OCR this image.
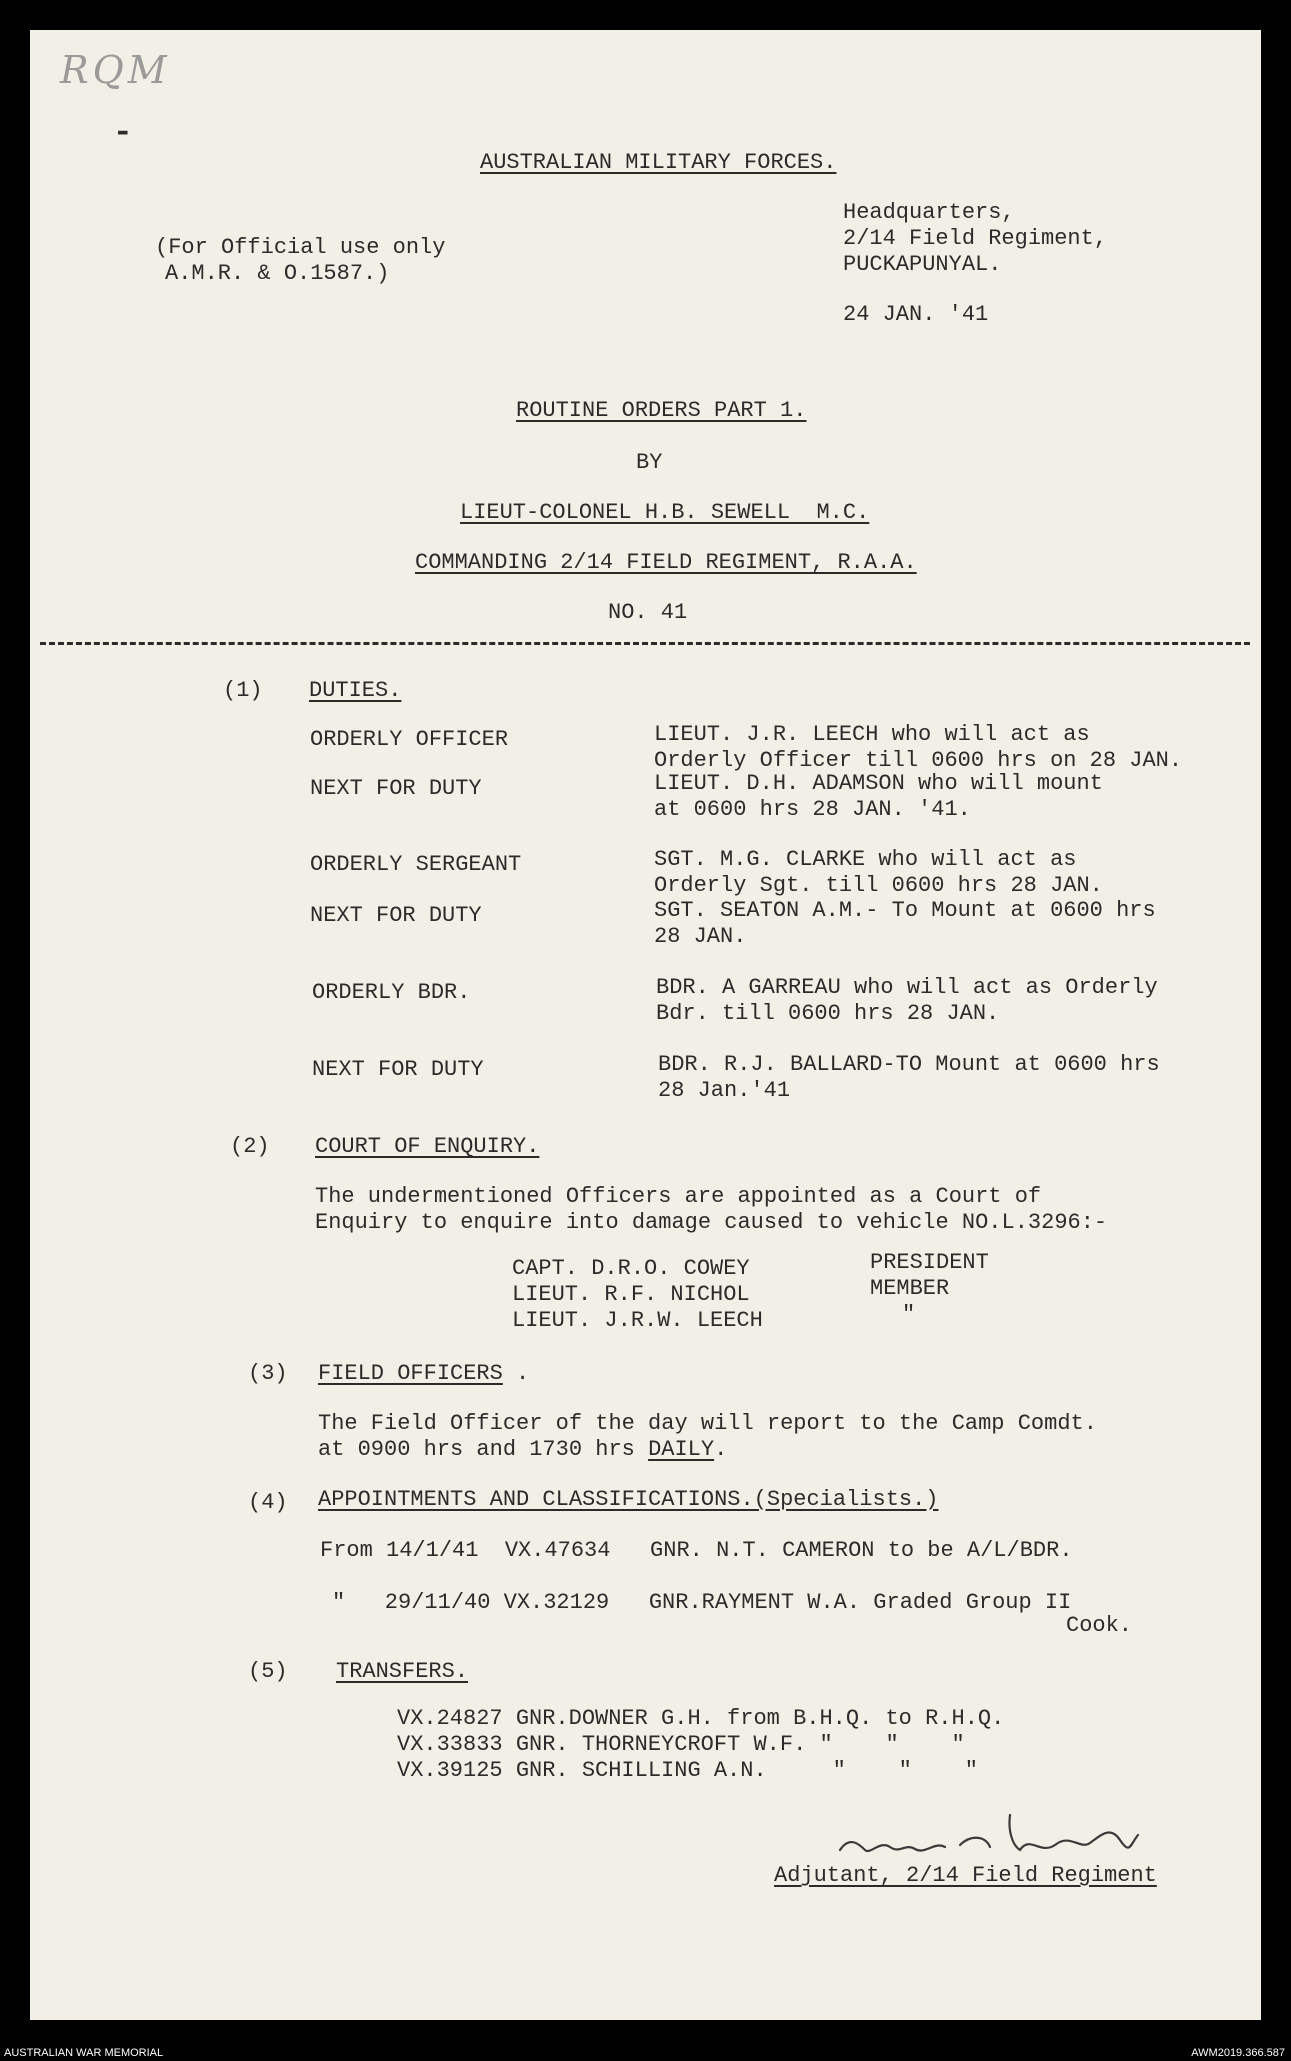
RQM
▬
AUSTRALIAN MILITARY FORCES.
(For Official use only
A.M.R. & O.1587.)
Headquarters,
2/14 Field Regiment,
PUCKAPUNYAL.
24 JAN. '41
ROUTINE ORDERS PART 1.
BY
LIEUT-COLONEL H.B. SEWELL  M.C.
COMMANDING 2/14 FIELD REGIMENT, R.A.A.
NO. 41
(1) DUTIES.
ORDERLY OFFICER	LIEUT. J.R. LEECH who will act as
Orderly Officer till 0600 hrs on 28 JAN.
NEXT FOR DUTY	LIEUT. D.H. ADAMSON who will mount
at 0600 hrs 28 JAN. '41.
ORDERLY SERGEANT	SGT. M.G. CLARKE who will act as
Orderly Sgt. till 0600 hrs 28 JAN.
NEXT FOR DUTY	SGT. SEATON A.M.- To Mount at 0600 hrs
28 JAN.
ORDERLY BDR.	BDR. A GARREAU who will act as Orderly
Bdr. till 0600 hrs 28 JAN.
NEXT FOR DUTY	BDR. R.J. BALLARD-TO Mount at 0600 hrs
28 Jan.'41
(2) COURT OF ENQUIRY.
The undermentioned Officers are appointed as a Court of
Enquiry to enquire into damage caused to vehicle NO.L.3296:-
CAPT. D.R.O. COWEY	PRESIDENT
LIEUT. R.F. NICHOL	MEMBER
LIEUT. J.R.W. LEECH	"
(3) FIELD OFFICERS .
The Field Officer of the day will report to the Camp Comdt.
at 0900 hrs and 1730 hrs DAILY.
(4) APPOINTMENTS AND CLASSIFICATIONS.(Specialists.)
From 14/1/41  VX.47634   GNR. N.T. CAMERON to be A/L/BDR.
"   29/11/40 VX.32129   GNR.RAYMENT W.A. Graded Group II
Cook.
(5) TRANSFERS.
VX.24827 GNR.DOWNER G.H. from B.H.Q. to R.H.Q.
VX.33833 GNR. THORNEYCROFT W.F. "    "    "
VX.39125 GNR. SCHILLING A.N.     "    "    "
Adjutant, 2/14 Field Regiment
AUSTRALIAN WAR MEMORIAL	AWM2019.366.587
